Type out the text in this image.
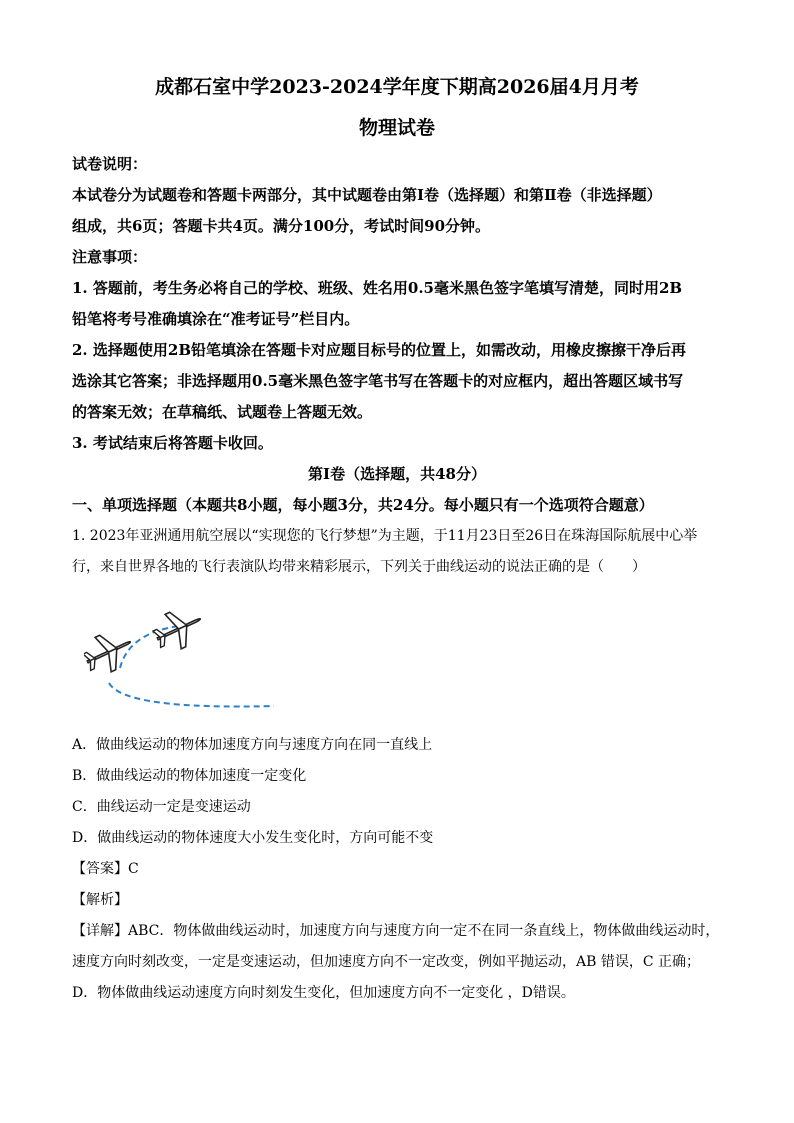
成都石室中学2023-2024学年度下期高2026届4月月考
物理试卷
试卷说明：
本试卷分为试题卷和答题卡两部分，其中试题卷由第Ⅰ卷（选择题）和第Ⅱ卷（非选择题）
组成，共6页；答题卡共4页。满分100分，考试时间90分钟。
注意事项：
1. 答题前，考生务必将自己的学校、班级、姓名用0.5毫米黑色签字笔填写清楚，同时用2B
铅笔将考号准确填涂在“准考证号”栏目内。
2. 选择题使用2B铅笔填涂在答题卡对应题目标号的位置上，如需改动，用橡皮擦擦干净后再
选涂其它答案；非选择题用0.5毫米黑色签字笔书写在答题卡的对应框内，超出答题区域书写
的答案无效；在草稿纸、试题卷上答题无效。
3. 考试结束后将答题卡收回。
第Ⅰ卷（选择题，共48分）
一、单项选择题（本题共8小题，每小题3分，共24分。每小题只有一个选项符合题意）
1. 2023年亚洲通用航空展以“实现您的飞行梦想”为主题，于11月23日至26日在珠海国际航展中心举
行，来自世界各地的飞行表演队均带来精彩展示，下列关于曲线运动的说法正确的是（　　）
A．做曲线运动的物体加速度方向与速度方向在同一直线上
B．做曲线运动的物体加速度一定变化
C．曲线运动一定是变速运动
D．做曲线运动的物体速度大小发生变化时，方向可能不变
【答案】C
【解析】
【详解】ABC．物体做曲线运动时，加速度方向与速度方向一定不在同一条直线上，物体做曲线运动时，
速度方向时刻改变，一定是变速运动，但加速度方向不一定改变，例如平抛运动，AB 错误，C 正确；
D．物体做曲线运动速度方向时刻发生变化，但加速度方向不一定变化 ，D错误。
